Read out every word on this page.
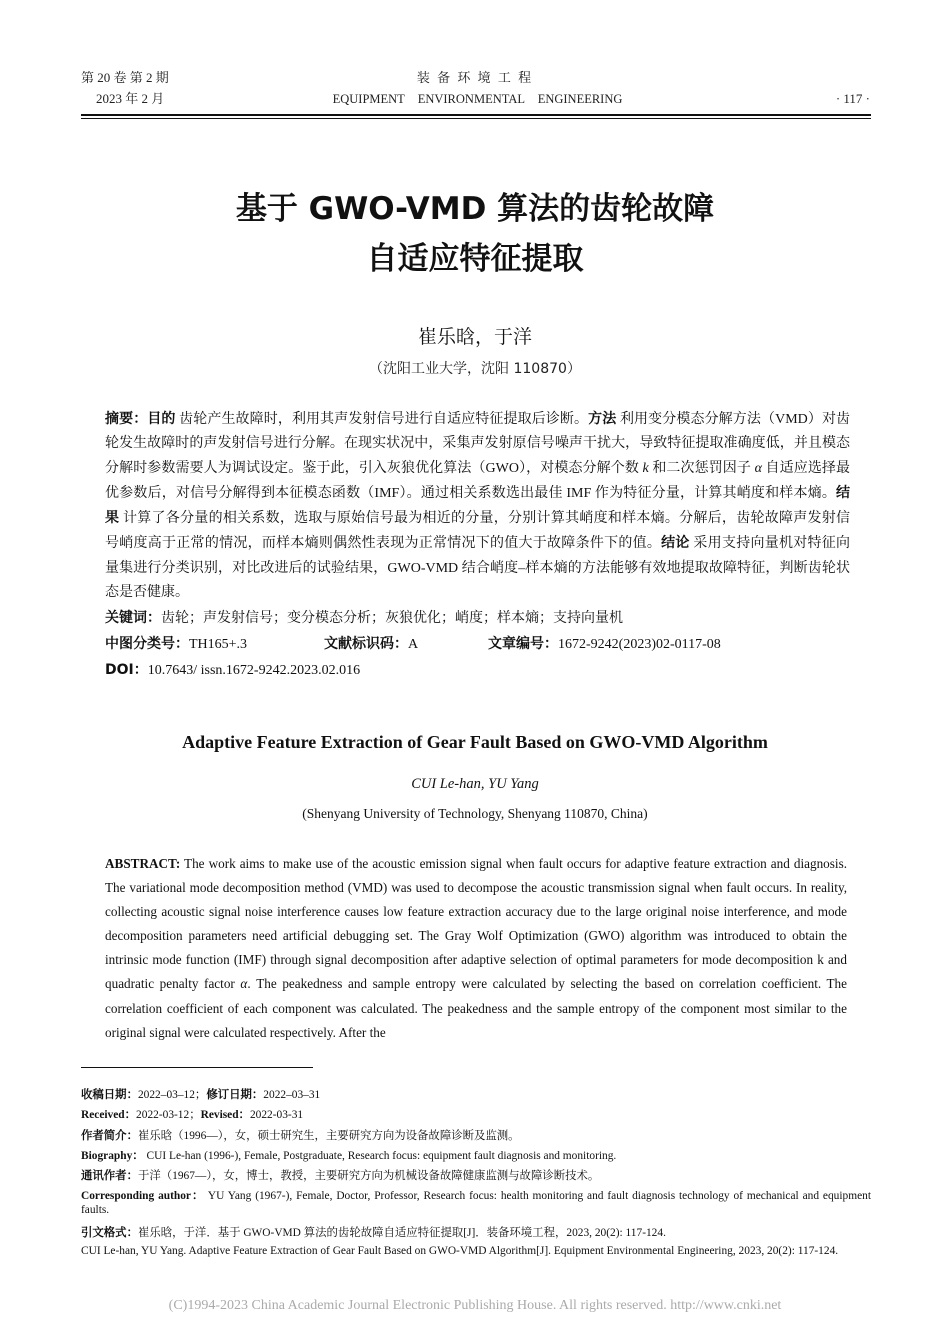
第 20 卷 第 2 期
2023 年 2 月
装 备 环 境 工 程
EQUIPMENT ENVIRONMENTAL ENGINEERING	· 117 ·
基于 GWO-VMD 算法的齿轮故障
自适应特征提取
崔乐晗，于洋
（沈阳工业大学，沈阳 110870）
摘要：目的 齿轮产生故障时，利用其声发射信号进行自适应特征提取后诊断。方法 利用变分模态分解方法（VMD）对齿轮发生故障时的声发射信号进行分解。在现实状况中，采集声发射原信号噪声干扰大，导致特征提取准确度低，并且模态分解时参数需要人为调试设定。鉴于此，引入灰狼优化算法（GWO），对模态分解个数 k 和二次惩罚因子 α 自适应选择最优参数后，对信号分解得到本征模态函数（IMF）。通过相关系数选出最佳 IMF 作为特征分量，计算其峭度和样本熵。结果 计算了各分量的相关系数，选取与原始信号最为相近的分量，分别计算其峭度和样本熵。分解后，齿轮故障声发射信号峭度高于正常的情况，而样本熵则偶然性表现为正常情况下的值大于故障条件下的值。结论 采用支持向量机对特征向量集进行分类识别，对比改进后的试验结果，GWO-VMD 结合峭度–样本熵的方法能够有效地提取故障特征，判断齿轮状态是否健康。
关键词：齿轮；声发射信号；变分模态分析；灰狼优化；峭度；样本熵；支持向量机
中图分类号：TH165+.3	文献标识码：A	文章编号：1672-9242(2023)02-0117-08
DOI：10.7643/ issn.1672-9242.2023.02.016
Adaptive Feature Extraction of Gear Fault Based on GWO-VMD Algorithm
CUI Le-han, YU Yang
(Shenyang University of Technology, Shenyang 110870, China)
ABSTRACT: The work aims to make use of the acoustic emission signal when fault occurs for adaptive feature extraction and diagnosis. The variational mode decomposition method (VMD) was used to decompose the acoustic transmission signal when fault occurs. In reality, collecting acoustic signal noise interference causes low feature extraction accuracy due to the large original noise interference, and mode decomposition parameters need artificial debugging set. The Gray Wolf Optimization (GWO) algorithm was introduced to obtain the intrinsic mode function (IMF) through signal decomposition after adaptive selection of optimal parameters for mode decomposition k and quadratic penalty factor α. The peakedness and sample entropy were calculated by selecting the based on correlation coefficient. The correlation coefficient of each component was calculated. The peakedness and the sample entropy of the component most similar to the original signal were calculated respectively. After the
收稿日期：2022–03–12；修订日期：2022–03–31
Received：2022-03-12；Revised：2022-03-31
作者简介：崔乐晗（1996—），女，硕士研究生，主要研究方向为设备故障诊断及监测。
Biography： CUI Le-han (1996-), Female, Postgraduate, Research focus: equipment fault diagnosis and monitoring.
通讯作者：于洋（1967—），女，博士，教授，主要研究方向为机械设备故障健康监测与故障诊断技术。
Corresponding author： YU Yang (1967-), Female, Doctor, Professor, Research focus: health monitoring and fault diagnosis technology of mechanical and equipment faults.
引文格式：崔乐晗，于洋．基于 GWO-VMD 算法的齿轮故障自适应特征提取[J]．装备环境工程，2023, 20(2): 117-124.
CUI Le-han, YU Yang. Adaptive Feature Extraction of Gear Fault Based on GWO-VMD Algorithm[J]. Equipment Environmental Engineering, 2023, 20(2): 117-124.
(C)1994-2023 China Academic Journal Electronic Publishing House. All rights reserved. http://www.cnki.net
